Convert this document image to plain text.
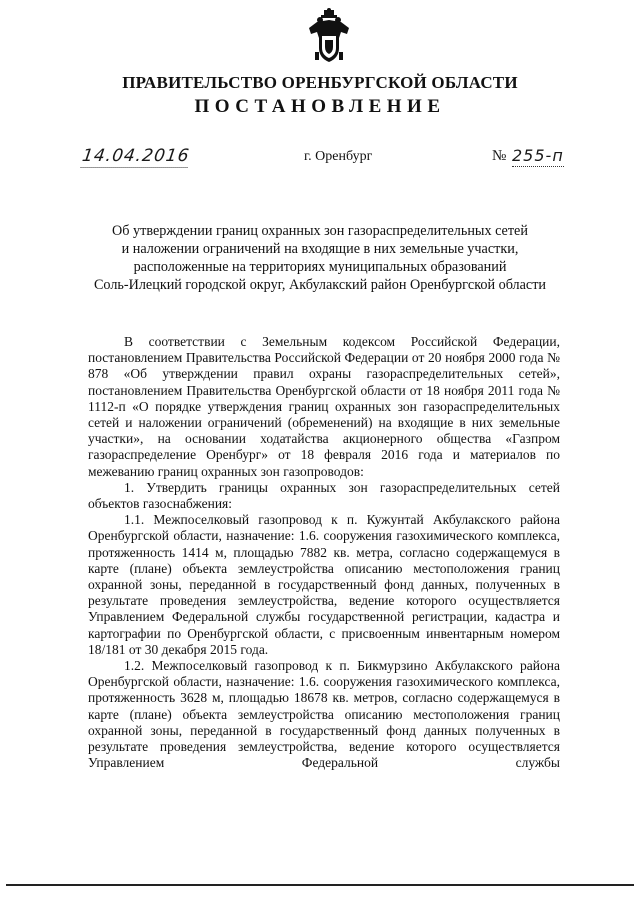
ПРАВИТЕЛЬСТВО ОРЕНБУРГСКОЙ ОБЛАСТИ
ПОСТАНОВЛЕНИЕ
14.04.2016	г. Оренбург	№ 255-п
Об утверждении границ охранных зон газораспределительных сетей
и наложении ограничений на входящие в них земельные участки,
расположенные на территориях муниципальных образований
Соль-Илецкий городской округ, Акбулакский район Оренбургской области

В соответствии с Земельным кодексом Российской Федерации, постановлением Правительства Российской Федерации от 20 ноября 2000 года № 878 «Об утверждении правил охраны газораспределительных сетей», постановлением Правительства Оренбургской области от 18 ноября 2011 года № 1112-п «О порядке утверждения границ охранных зон газораспределительных сетей и наложении ограничений (обременений) на входящие в них земельные участки», на основании ходатайства акционерного общества «Газпром газораспределение Оренбург» от 18 февраля 2016 года и материалов по межеванию границ охранных зон газопроводов:

1. Утвердить границы охранных зон газораспределительных сетей объектов газоснабжения:

1.1. Межпоселковый газопровод к п. Кужунтай Акбулакского района Оренбургской области, назначение: 1.6. сооружения газохимического комплекса, протяженность 1414 м, площадью 7882 кв. метра, согласно содержащемуся в карте (плане) объекта землеустройства описанию местоположения границ охранной зоны, переданной в государственный фонд данных, полученных в результате проведения землеустройства, ведение которого осуществляется Управлением Федеральной службы государственной регистрации, кадастра и картографии по Оренбургской области, с присвоенным инвентарным номером 18/181 от 30 декабря 2015 года.

1.2. Межпоселковый газопровод к п. Бикмурзино Акбулакского района Оренбургской области, назначение: 1.6. сооружения газохимического комплекса, протяженность 3628 м, площадью 18678 кв. метров, согласно содержащемуся в карте (плане) объекта землеустройства описанию местоположения границ охранной зоны, переданной в государственный фонд данных полученных в результате проведения землеустройства, ведение которого осуществляется Управлением Федеральной службы
